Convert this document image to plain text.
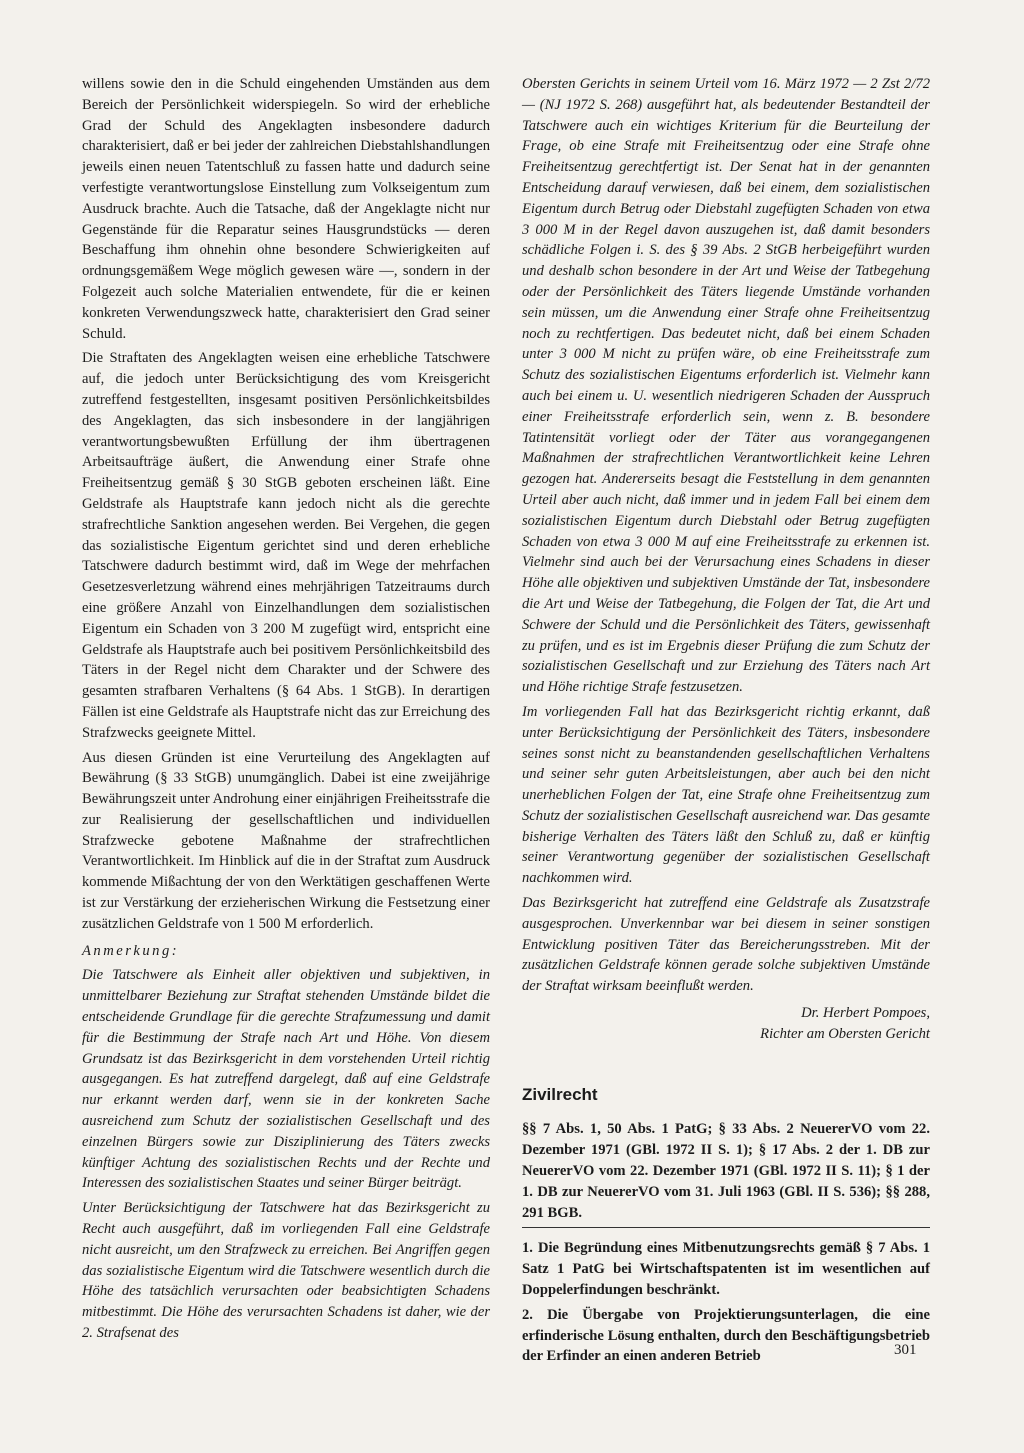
willens sowie den in die Schuld eingehenden Umständen aus dem Bereich der Persönlichkeit widerspiegeln. So wird der erhebliche Grad der Schuld des Angeklagten insbesondere dadurch charakterisiert, daß er bei jeder der zahlreichen Diebstahlshandlungen jeweils einen neuen Tatentschluß zu fassen hatte und dadurch seine verfestigte verantwortungslose Einstellung zum Volkseigentum zum Ausdruck brachte. Auch die Tatsache, daß der Angeklagte nicht nur Gegenstände für die Reparatur seines Hausgrundstücks — deren Beschaffung ihm ohnehin ohne besondere Schwierigkeiten auf ordnungsgemäßem Wege möglich gewesen wäre —, sondern in der Folgezeit auch solche Materialien entwendete, für die er keinen konkreten Verwendungszweck hatte, charakterisiert den Grad seiner Schuld.

Die Straftaten des Angeklagten weisen eine erhebliche Tatschwere auf, die jedoch unter Berücksichtigung des vom Kreisgericht zutreffend festgestellten, insgesamt positiven Persönlichkeitsbildes des Angeklagten, das sich insbesondere in der langjährigen verantwortungsbewußten Erfüllung der ihm übertragenen Arbeitsaufträge äußert, die Anwendung einer Strafe ohne Freiheitsentzug gemäß § 30 StGB geboten erscheinen läßt. Eine Geldstrafe als Hauptstrafe kann jedoch nicht als die gerechte strafrechtliche Sanktion angesehen werden. Bei Vergehen, die gegen das sozialistische Eigentum gerichtet sind und deren erhebliche Tatschwere dadurch bestimmt wird, daß im Wege der mehrfachen Gesetzesverletzung während eines mehrjährigen Tatzeitraums durch eine größere Anzahl von Einzelhandlungen dem sozialistischen Eigentum ein Schaden von 3 200 M zugefügt wird, entspricht eine Geldstrafe als Hauptstrafe auch bei positivem Persönlichkeitsbild des Täters in der Regel nicht dem Charakter und der Schwere des gesamten strafbaren Verhaltens (§ 64 Abs. 1 StGB). In derartigen Fällen ist eine Geldstrafe als Hauptstrafe nicht das zur Erreichung des Strafzwecks geeignete Mittel.

Aus diesen Gründen ist eine Verurteilung des Angeklagten auf Bewährung (§ 33 StGB) unumgänglich. Dabei ist eine zweijährige Bewährungszeit unter Androhung einer einjährigen Freiheitsstrafe die zur Realisierung der gesellschaftlichen und individuellen Strafzwecke gebotene Maßnahme der strafrechtlichen Verantwortlichkeit. Im Hinblick auf die in der Straftat zum Ausdruck kommende Mißachtung der von den Werktätigen geschaffenen Werte ist zur Verstärkung der erzieherischen Wirkung die Festsetzung einer zusätzlichen Geldstrafe von 1 500 M erforderlich.

Anmerkung:

Die Tatschwere als Einheit aller objektiven und subjektiven, in unmittelbarer Beziehung zur Straftat stehenden Umstände bildet die entscheidende Grundlage für die gerechte Strafzumessung und damit für die Bestimmung der Strafe nach Art und Höhe. Von diesem Grundsatz ist das Bezirksgericht in dem vorstehenden Urteil richtig ausgegangen. Es hat zutreffend dargelegt, daß auf eine Geldstrafe nur erkannt werden darf, wenn sie in der konkreten Sache ausreichend zum Schutz der sozialistischen Gesellschaft und des einzelnen Bürgers sowie zur Disziplinierung des Täters zwecks künftiger Achtung des sozialistischen Rechts und der Rechte und Interessen des sozialistischen Staates und seiner Bürger beiträgt.

Unter Berücksichtigung der Tatschwere hat das Bezirksgericht zu Recht auch ausgeführt, daß im vorliegenden Fall eine Geldstrafe nicht ausreicht, um den Strafzweck zu erreichen. Bei Angriffen gegen das sozialistische Eigentum wird die Tatschwere wesentlich durch die Höhe des tatsächlich verursachten oder beabsichtigten Schadens mitbestimmt. Die Höhe des verursachten Schadens ist daher, wie der 2. Strafsenat des

Obersten Gerichts in seinem Urteil vom 16. März 1972 — 2 Zst 2/72 — (NJ 1972 S. 268) ausgeführt hat, als bedeutender Bestandteil der Tatschwere auch ein wichtiges Kriterium für die Beurteilung der Frage, ob eine Strafe mit Freiheitsentzug oder eine Strafe ohne Freiheitsentzug gerechtfertigt ist. Der Senat hat in der genannten Entscheidung darauf verwiesen, daß bei einem, dem sozialistischen Eigentum durch Betrug oder Diebstahl zugefügten Schaden von etwa 3 000 M in der Regel davon auszugehen ist, daß damit besonders schädliche Folgen i. S. des § 39 Abs. 2 StGB herbeigeführt wurden und deshalb schon besondere in der Art und Weise der Tatbegehung oder der Persönlichkeit des Täters liegende Umstände vorhanden sein müssen, um die Anwendung einer Strafe ohne Freiheitsentzug noch zu rechtfertigen. Das bedeutet nicht, daß bei einem Schaden unter 3 000 M nicht zu prüfen wäre, ob eine Freiheitsstrafe zum Schutz des sozialistischen Eigentums erforderlich ist. Vielmehr kann auch bei einem u. U. wesentlich niedrigeren Schaden der Ausspruch einer Freiheitsstrafe erforderlich sein, wenn z. B. besondere Tatintensität vorliegt oder der Täter aus vorangegangenen Maßnahmen der strafrechtlichen Verantwortlichkeit keine Lehren gezogen hat. Andererseits besagt die Feststellung in dem genannten Urteil aber auch nicht, daß immer und in jedem Fall bei einem dem sozialistischen Eigentum durch Diebstahl oder Betrug zugefügten Schaden von etwa 3 000 M auf eine Freiheitsstrafe zu erkennen ist. Vielmehr sind auch bei der Verursachung eines Schadens in dieser Höhe alle objektiven und subjektiven Umstände der Tat, insbesondere die Art und Weise der Tatbegehung, die Folgen der Tat, die Art und Schwere der Schuld und die Persönlichkeit des Täters, gewissenhaft zu prüfen, und es ist im Ergebnis dieser Prüfung die zum Schutz der sozialistischen Gesellschaft und zur Erziehung des Täters nach Art und Höhe richtige Strafe festzusetzen.

Im vorliegenden Fall hat das Bezirksgericht richtig erkannt, daß unter Berücksichtigung der Persönlichkeit des Täters, insbesondere seines sonst nicht zu beanstandenden gesellschaftlichen Verhaltens und seiner sehr guten Arbeitsleistungen, aber auch bei den nicht unerheblichen Folgen der Tat, eine Strafe ohne Freiheitsentzug zum Schutz der sozialistischen Gesellschaft ausreichend war. Das gesamte bisherige Verhalten des Täters läßt den Schluß zu, daß er künftig seiner Verantwortung gegenüber der sozialistischen Gesellschaft nachkommen wird.

Das Bezirksgericht hat zutreffend eine Geldstrafe als Zusatzstrafe ausgesprochen. Unverkennbar war bei diesem in seiner sonstigen Entwicklung positiven Täter das Bereicherungsstreben. Mit der zusätzlichen Geldstrafe können gerade solche subjektiven Umstände der Straftat wirksam beeinflußt werden.

Dr. Herbert Pompoes,

Richter am Obersten Gericht

Zivilrecht

§§ 7 Abs. 1, 50 Abs. 1 PatG; § 33 Abs. 2 NeuererVO vom 22. Dezember 1971 (GBl. 1972 II S. 1); § 17 Abs. 2 der 1. DB zur NeuererVO vom 22. Dezember 1971 (GBl. 1972 II S. 11); § 1 der 1. DB zur NeuererVO vom 31. Juli 1963 (GBl. II S. 536); §§ 288, 291 BGB.

1. Die Begründung eines Mitbenutzungsrechts gemäß § 7 Abs. 1 Satz 1 PatG bei Wirtschaftspatenten ist im wesentlichen auf Doppelerfindungen beschränkt.

2. Die Übergabe von Projektierungsunterlagen, die eine erfinderische Lösung enthalten, durch den Beschäftigungsbetrieb der Erfinder an einen anderen Betrieb	301
